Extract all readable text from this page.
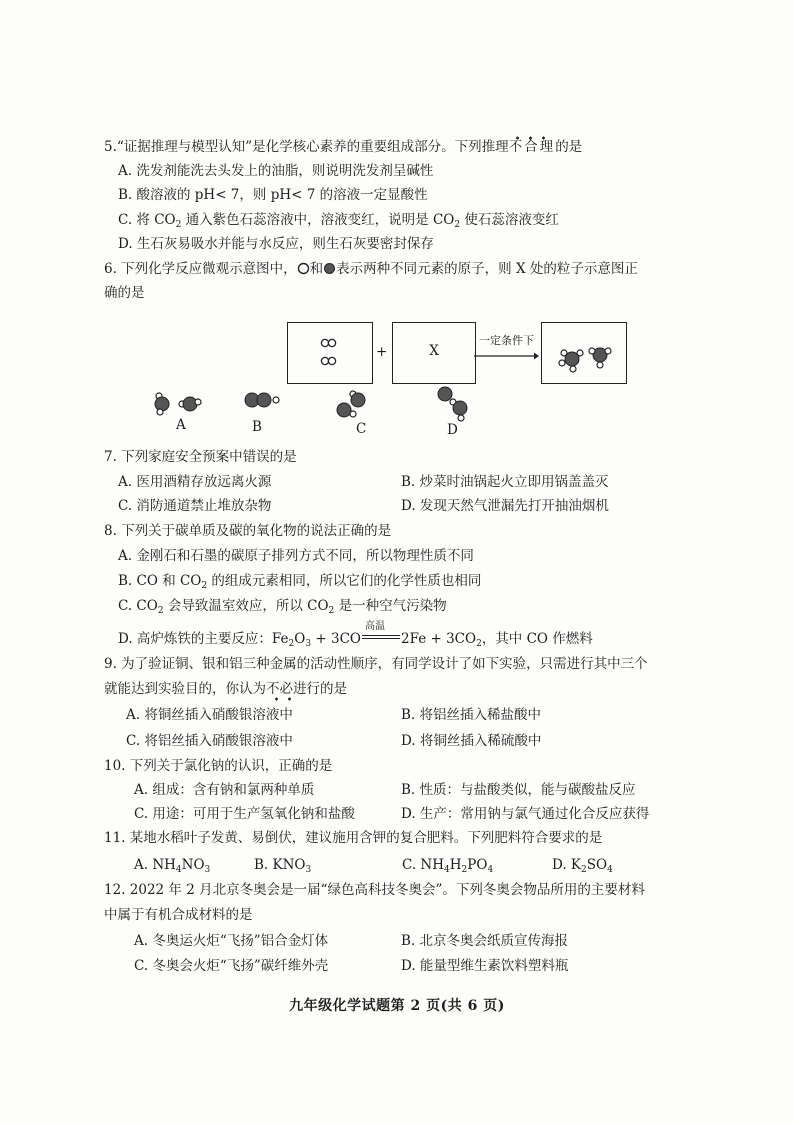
5.“证据推理与模型认知”是化学核心素养的重要组成部分。下列推理不合理的是
A. 洗发剂能洗去头发上的油脂，则说明洗发剂呈碱性
B. 酸溶液的 pH< 7，则 pH< 7 的溶液一定显酸性
C. 将 $CO_2$ 通入紫色石蕊溶液中，溶液变红，说明是 $CO_2$ 使石蕊溶液变红
D. 生石灰易吸水并能与水反应，则生石灰要密封保存
6. 下列化学反应微观示意图中， 和 表示两种不同元素的原子，则 X 处的粒子示意图正
确的是
+	X
一定条件下
A	B	C	D
7. 下列家庭安全预案中错误的是
A. 医用酒精存放远离火源	B. 炒菜时油锅起火立即用锅盖盖灭
C. 消防通道禁止堆放杂物	D. 发现天然气泄漏先打开抽油烟机
8. 下列关于碳单质及碳的氧化物的说法正确的是
A. 金刚石和石墨的碳原子排列方式不同，所以物理性质不同
B. CO 和 $CO_2$ 的组成元素相同，所以它们的化学性质也相同
C. $CO_2$ 会导致温室效应，所以 $CO_2$ 是一种空气污染物
D. 高炉炼铁的主要反应：$Fe_2O_3 + 3CO$
高温
$2Fe + 3CO_2$，其中 CO 作燃料
9. 为了验证铜、银和铝三种金属的活动性顺序，有同学设计了如下实验，只需进行其中三个
就能达到实验目的，你认为不必进行的是
A. 将铜丝插入硝酸银溶液中	B. 将铝丝插入稀盐酸中
C. 将铝丝插入硝酸银溶液中	D. 将铜丝插入稀硫酸中
10. 下列关于氯化钠的认识，正确的是
A. 组成：含有钠和氯两种单质	B. 性质：与盐酸类似，能与碳酸盐反应
C. 用途：可用于生产氢氧化钠和盐酸	D. 生产：常用钠与氯气通过化合反应获得
11. 某地水稻叶子发黄、易倒伏，建议施用含钾的复合肥料。下列肥料符合要求的是
A. $NH_4NO_3$	B. $KNO_3$	C. $NH_4H_2PO_4$	D. $K_2SO_4$
12. 2022 年 2 月北京冬奥会是一届“绿色高科技冬奥会”。下列冬奥会物品所用的主要材料
中属于有机合成材料的是
A. 冬奥运火炬“飞扬”铝合金灯体	B. 北京冬奥会纸质宣传海报
C. 冬奥会火炬“飞扬”碳纤维外壳	D. 能量型维生素饮料塑料瓶
九年级化学试题第 2 页(共 6 页)
